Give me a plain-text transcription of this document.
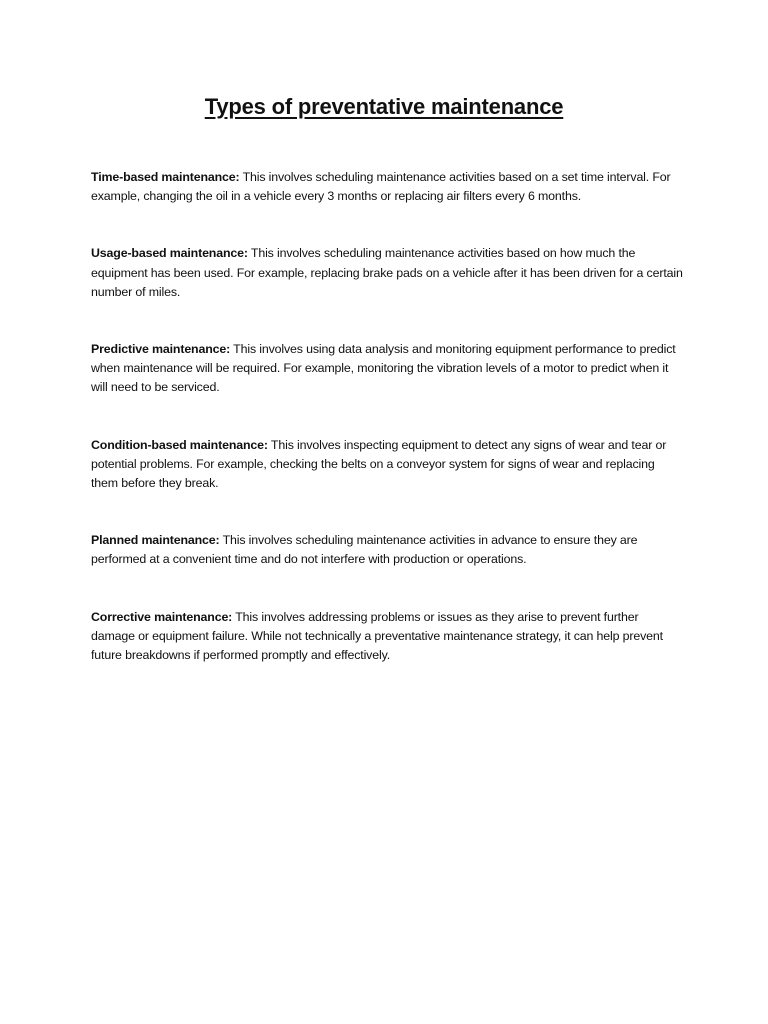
Types of preventative maintenance

Time-based maintenance: This involves scheduling maintenance activities based on a set time interval. For example, changing the oil in a vehicle every 3 months or replacing air filters every 6 months.

Usage-based maintenance: This involves scheduling maintenance activities based on how much the equipment has been used. For example, replacing brake pads on a vehicle after it has been driven for a certain number of miles.

Predictive maintenance: This involves using data analysis and monitoring equipment performance to predict when maintenance will be required. For example, monitoring the vibration levels of a motor to predict when it will need to be serviced.

Condition-based maintenance: This involves inspecting equipment to detect any signs of wear and tear or potential problems. For example, checking the belts on a conveyor system for signs of wear and replacing them before they break.

Planned maintenance: This involves scheduling maintenance activities in advance to ensure they are performed at a convenient time and do not interfere with production or operations.

Corrective maintenance: This involves addressing problems or issues as they arise to prevent further damage or equipment failure. While not technically a preventative maintenance strategy, it can help prevent future breakdowns if performed promptly and effectively.
